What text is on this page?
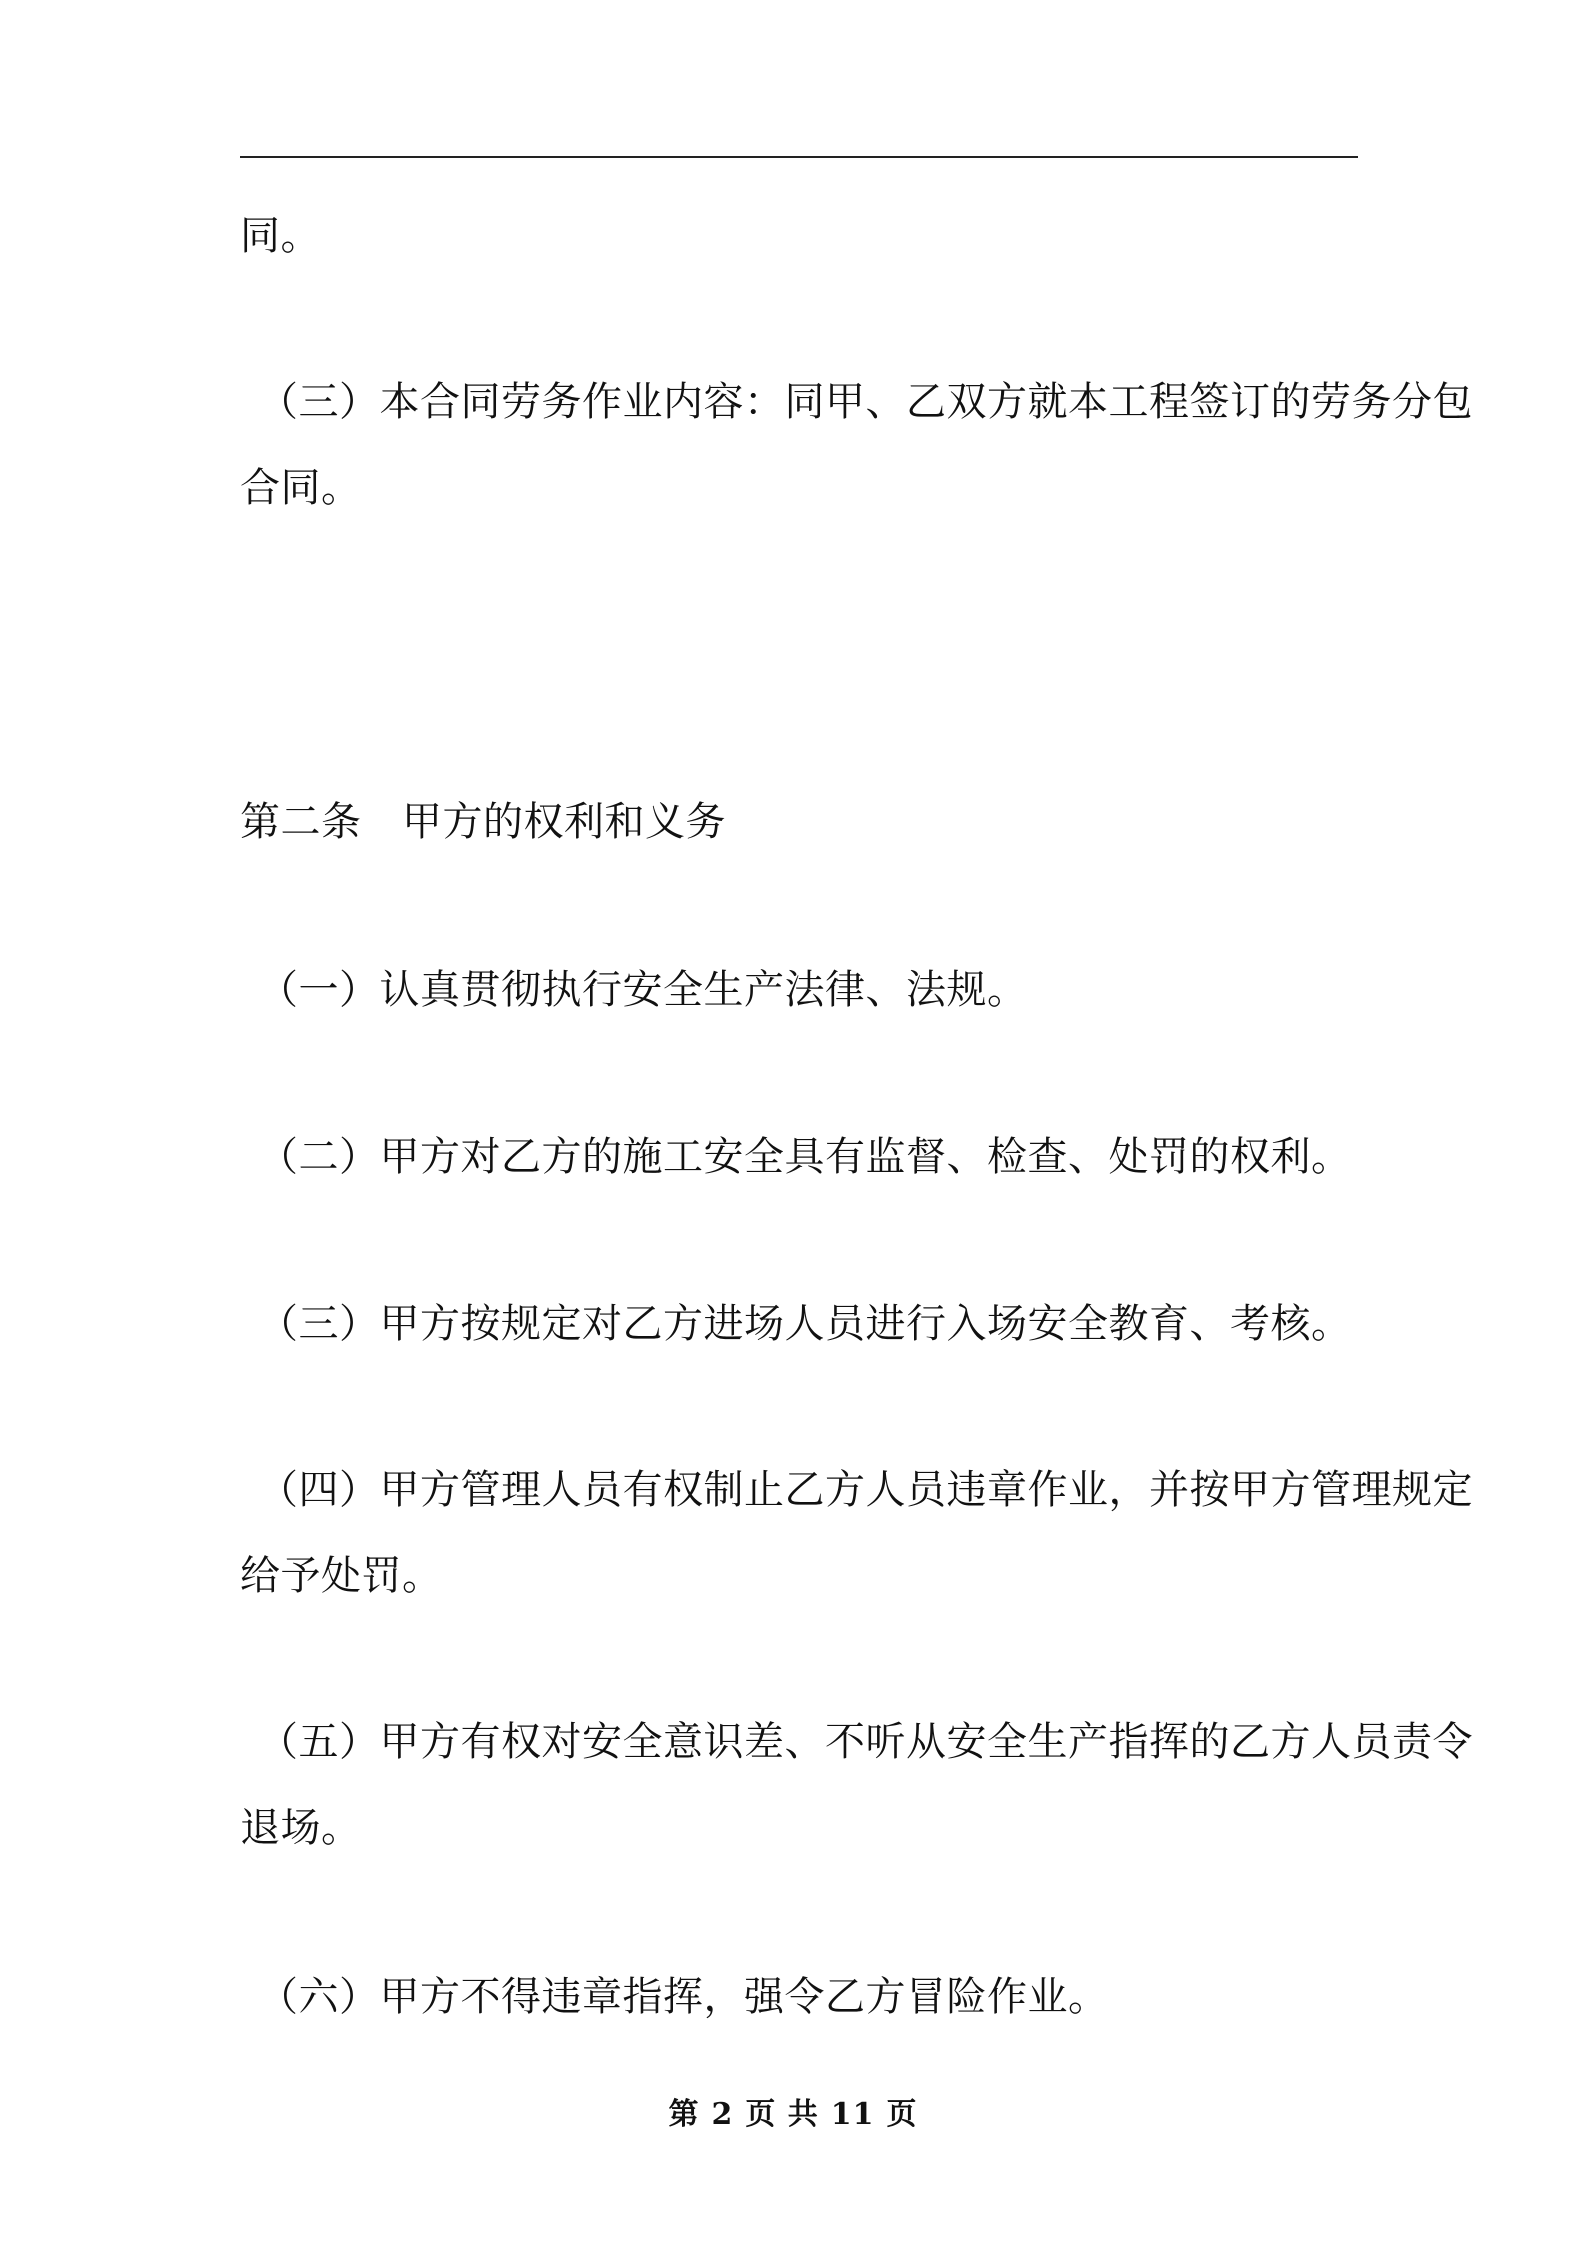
同。
（三）本合同劳务作业内容：同甲、乙双方就本工程签订的劳务分包
合同。
第二条　甲方的权利和义务
（一）认真贯彻执行安全生产法律、法规。
（二）甲方对乙方的施工安全具有监督、检查、处罚的权利。
（三）甲方按规定对乙方进场人员进行入场安全教育、考核。
（四）甲方管理人员有权制止乙方人员违章作业，并按甲方管理规定
给予处罚。
（五）甲方有权对安全意识差、不听从安全生产指挥的乙方人员责令
退场。
（六）甲方不得违章指挥，强令乙方冒险作业。
第 2 页 共 11 页
